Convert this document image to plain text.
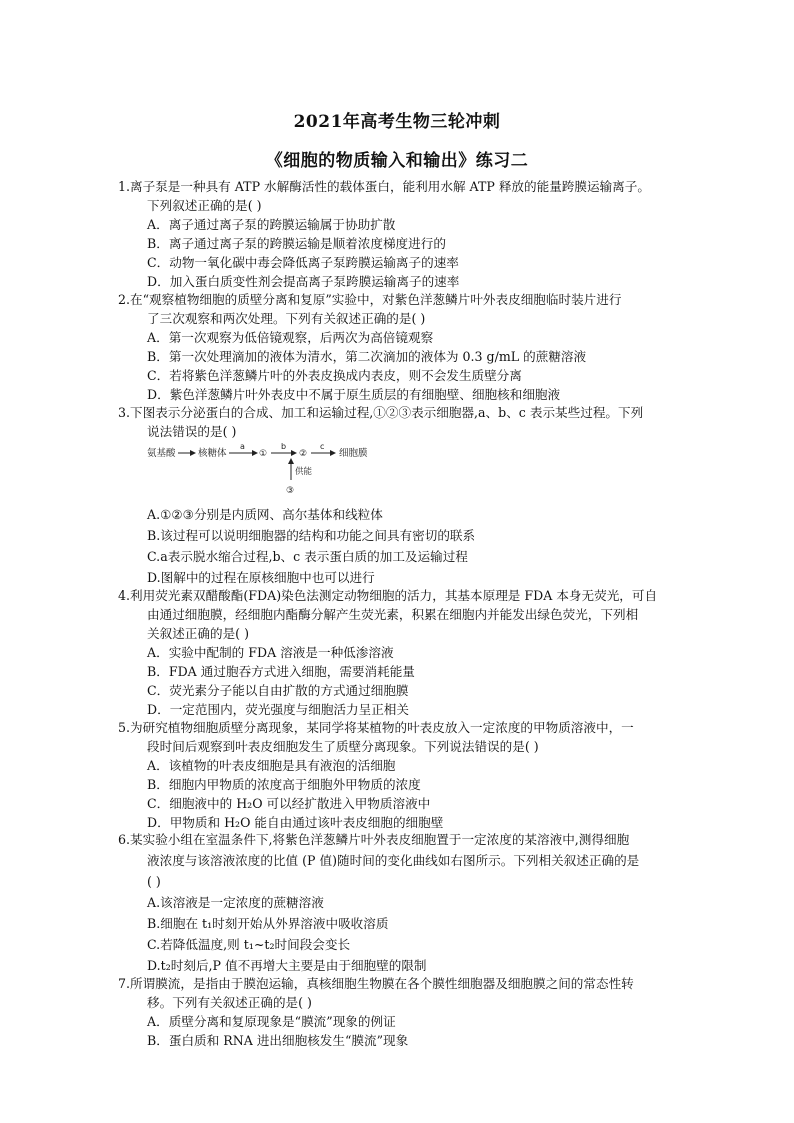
2021年高考生物三轮冲刺
《细胞的物质输入和输出》练习二
1.离子泵是一种具有 ATP 水解酶活性的载体蛋白，能利用水解 ATP 释放的能量跨膜运输离子。
下列叙述正确的是( )
A．离子通过离子泵的跨膜运输属于协助扩散
B．离子通过离子泵的跨膜运输是顺着浓度梯度进行的
C．动物一氧化碳中毒会降低离子泵跨膜运输离子的速率
D．加入蛋白质变性剂会提高离子泵跨膜运输离子的速率
2.在“观察植物细胞的质壁分离和复原”实验中，对紫色洋葱鳞片叶外表皮细胞临时装片进行
了三次观察和两次处理。下列有关叙述正确的是( )
A．第一次观察为低倍镜观察，后两次为高倍镜观察
B．第一次处理滴加的液体为清水，第二次滴加的液体为 0.3 g/mL 的蔗糖溶液
C．若将紫色洋葱鳞片叶的外表皮换成内表皮，则不会发生质壁分离
D．紫色洋葱鳞片叶外表皮中不属于原生质层的有细胞壁、细胞核和细胞液
3.下图表示分泌蛋白的合成、加工和运输过程,①②③表示细胞器,a、b、c 表示某些过程。下列
说法错误的是( )
A.①②③分别是内质网、高尔基体和线粒体
B.该过程可以说明细胞器的结构和功能之间具有密切的联系
C.a表示脱水缩合过程,b、c 表示蛋白质的加工及运输过程
D.图解中的过程在原核细胞中也可以进行
4.利用荧光素双醋酸酯(FDA)染色法测定动物细胞的活力，其基本原理是 FDA 本身无荧光，可自
由通过细胞膜，经细胞内酯酶分解产生荧光素，积累在细胞内并能发出绿色荧光，下列相
关叙述正确的是( )
A．实验中配制的 FDA 溶液是一种低渗溶液
B．FDA 通过胞吞方式进入细胞，需要消耗能量
C．荧光素分子能以自由扩散的方式通过细胞膜
D．一定范围内，荧光强度与细胞活力呈正相关
5.为研究植物细胞质壁分离现象，某同学将某植物的叶表皮放入一定浓度的甲物质溶液中，一
段时间后观察到叶表皮细胞发生了质壁分离现象。下列说法错误的是( )
A．该植物的叶表皮细胞是具有液泡的活细胞
B．细胞内甲物质的浓度高于细胞外甲物质的浓度
C．细胞液中的 H₂O 可以经扩散进入甲物质溶液中
D．甲物质和 H₂O 能自由通过该叶表皮细胞的细胞壁
6.某实验小组在室温条件下,将紫色洋葱鳞片叶外表皮细胞置于一定浓度的某溶液中,测得细胞
液浓度与该溶液浓度的比值 (P 值)随时间的变化曲线如右图所示。下列相关叙述正确的是
( )
A.该溶液是一定浓度的蔗糖溶液
B.细胞在 t₁时刻开始从外界溶液中吸收溶质
C.若降低温度,则 t₁~t₂时间段会变长
D.t₂时刻后,P 值不再增大主要是由于细胞壁的限制
7.所谓膜流，是指由于膜泡运输，真核细胞生物膜在各个膜性细胞器及细胞膜之间的常态性转
移。下列有关叙述正确的是( )
A．质壁分离和复原现象是“膜流”现象的例证
B．蛋白质和 RNA 进出细胞核发生“膜流”现象
氨基酸 核糖体
a
①
b
②
c
细胞膜
供能
③
